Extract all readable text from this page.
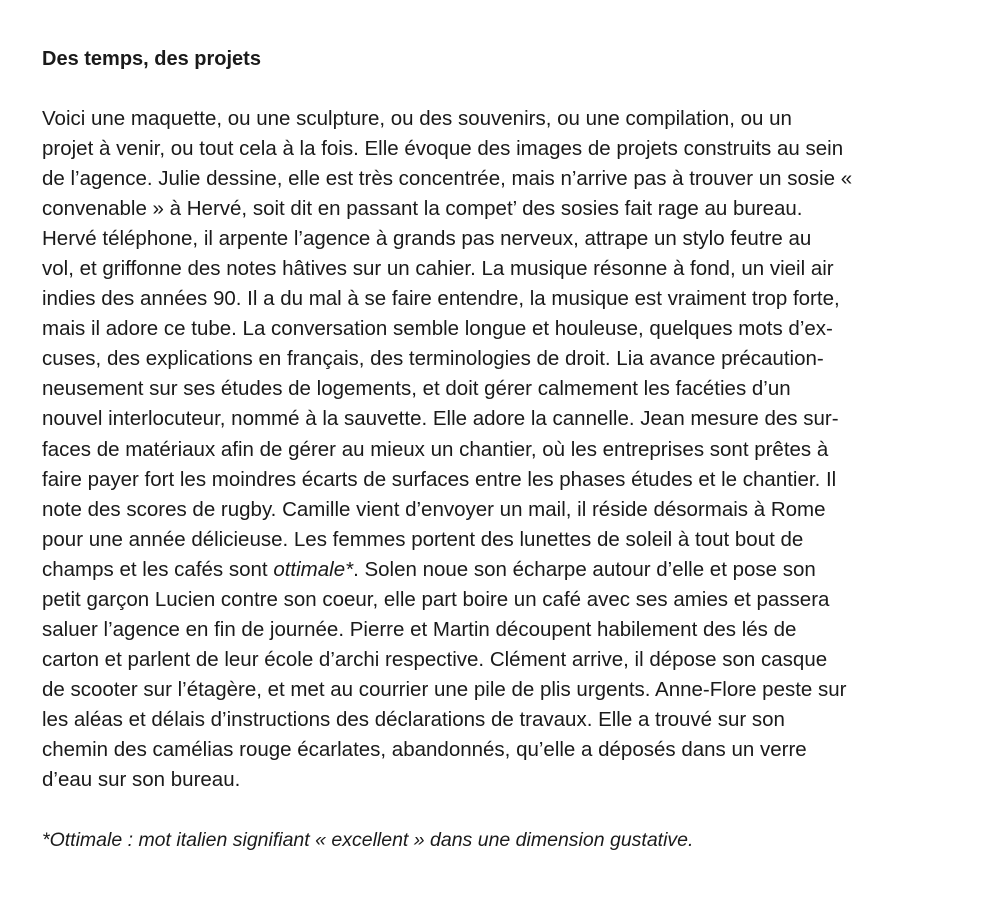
Des temps, des projets
Voici une maquette, ou une sculpture, ou des souvenirs, ou une compilation, ou un
projet à venir, ou tout cela à la fois. Elle évoque des images de projets construits au sein
de l’agence. Julie dessine, elle est très concentrée, mais n’arrive pas à trouver un sosie «
convenable » à Hervé, soit dit en passant la compet’ des sosies fait rage au bureau.
Hervé téléphone, il arpente l’agence à grands pas nerveux, attrape un stylo feutre au
vol, et griffonne des notes hâtives sur un cahier. La musique résonne à fond, un vieil air
indies des années 90. Il a du mal à se faire entendre, la musique est vraiment trop forte,
mais il adore ce tube. La conversation semble longue et houleuse, quelques mots d’ex-
cuses, des explications en français, des terminologies de droit. Lia avance précaution-
neusement sur ses études de logements, et doit gérer calmement les facéties d’un
nouvel interlocuteur, nommé à la sauvette. Elle adore la cannelle. Jean mesure des sur-
faces de matériaux afin de gérer au mieux un chantier, où les entreprises sont prêtes à
faire payer fort les moindres écarts de surfaces entre les phases études et le chantier. Il
note des scores de rugby. Camille vient d’envoyer un mail, il réside désormais à Rome
pour une année délicieuse. Les femmes portent des lunettes de soleil à tout bout de
champs et les cafés sont ottimale*. Solen noue son écharpe autour d’elle et pose son
petit garçon Lucien contre son coeur, elle part boire un café avec ses amies et passera
saluer l’agence en fin de journée. Pierre et Martin découpent habilement des lés de
carton et parlent de leur école d’archi respective. Clément arrive, il dépose son casque
de scooter sur l’étagère, et met au courrier une pile de plis urgents. Anne-Flore peste sur
les aléas et délais d’instructions des déclarations de travaux. Elle a trouvé sur son
chemin des camélias rouge écarlates, abandonnés, qu’elle a déposés dans un verre
d’eau sur son bureau.
*Ottimale : mot italien signifiant « excellent » dans une dimension gustative.
